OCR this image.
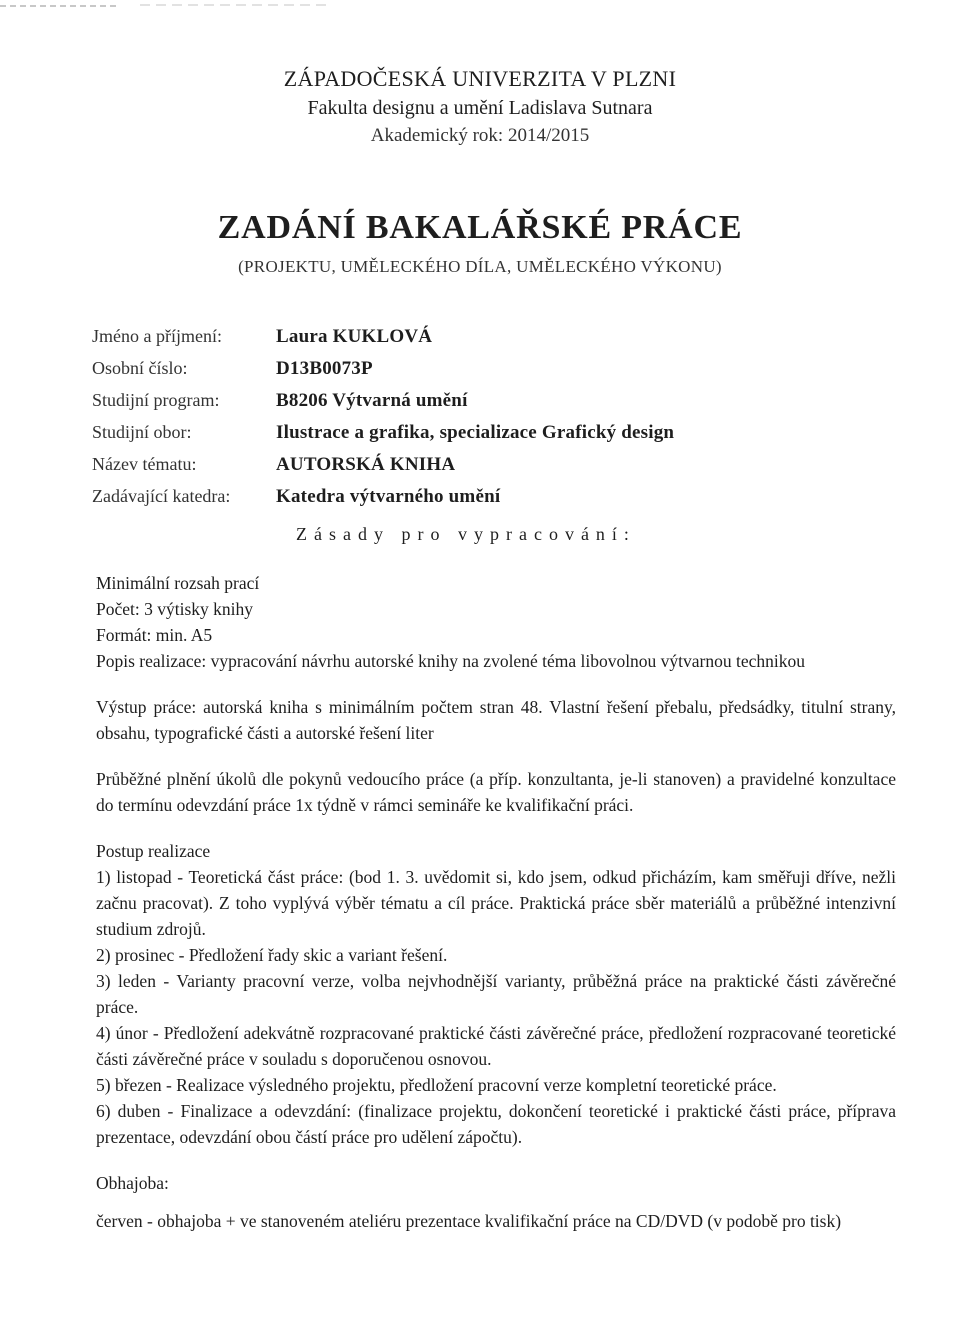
ZÁPADOČESKÁ UNIVERZITA V PLZNI

Fakulta designu a umění Ladislava Sutnara

Akademický rok: 2014/2015

ZADÁNÍ BAKALÁŘSKÉ PRÁCE

(PROJEKTU, UMĚLECKÉHO DÍLA, UMĚLECKÉHO VÝKONU)

Jméno a příjmení:	Laura KUKLOVÁ
Osobní číslo:	D13B0073P
Studijní program:	B8206 Výtvarná umění
Studijní obor:	Ilustrace a grafika, specializace Grafický design
Název tématu:	AUTORSKÁ KNIHA
Zadávající katedra:	Katedra výtvarného umění
Zásady pro vypracování:

Minimální rozsah prací

Počet: 3 výtisky knihy

Formát: min. A5

Popis realizace: vypracování návrhu autorské knihy na zvolené téma libovolnou výtvarnou technikou

Výstup práce: autorská kniha s minimálním počtem stran 48. Vlastní řešení přebalu, předsádky, titulní strany, obsahu, typografické části a autorské řešení liter

Průběžné plnění úkolů dle pokynů vedoucího práce (a příp. konzultanta, je-li stanoven) a pravidelné konzultace do termínu odevzdání práce 1x týdně v rámci semináře ke kvalifikační práci.

Postup realizace

1) listopad - Teoretická část práce: (bod 1. 3. uvědomit si, kdo jsem, odkud přicházím, kam směřuji dříve, nežli začnu pracovat). Z toho vyplývá výběr tématu a cíl práce. Praktická práce sběr materiálů a průběžné intenzivní studium zdrojů.

2) prosinec - Předložení řady skic a variant řešení.

3) leden - Varianty pracovní verze, volba nejvhodnější varianty, průběžná práce na praktické části závěrečné práce.

4) únor - Předložení adekvátně rozpracované praktické části závěrečné práce, předložení rozpracované teoretické části závěrečné práce v souladu s doporučenou osnovou.

5) březen - Realizace výsledného projektu, předložení pracovní verze kompletní teoretické práce.

6) duben - Finalizace a odevzdání: (finalizace projektu, dokončení teoretické i praktické části práce, příprava prezentace, odevzdání obou částí práce pro udělení zápočtu).

Obhajoba:

červen - obhajoba + ve stanoveném ateliéru prezentace kvalifikační práce na CD/DVD (v podobě pro tisk)
